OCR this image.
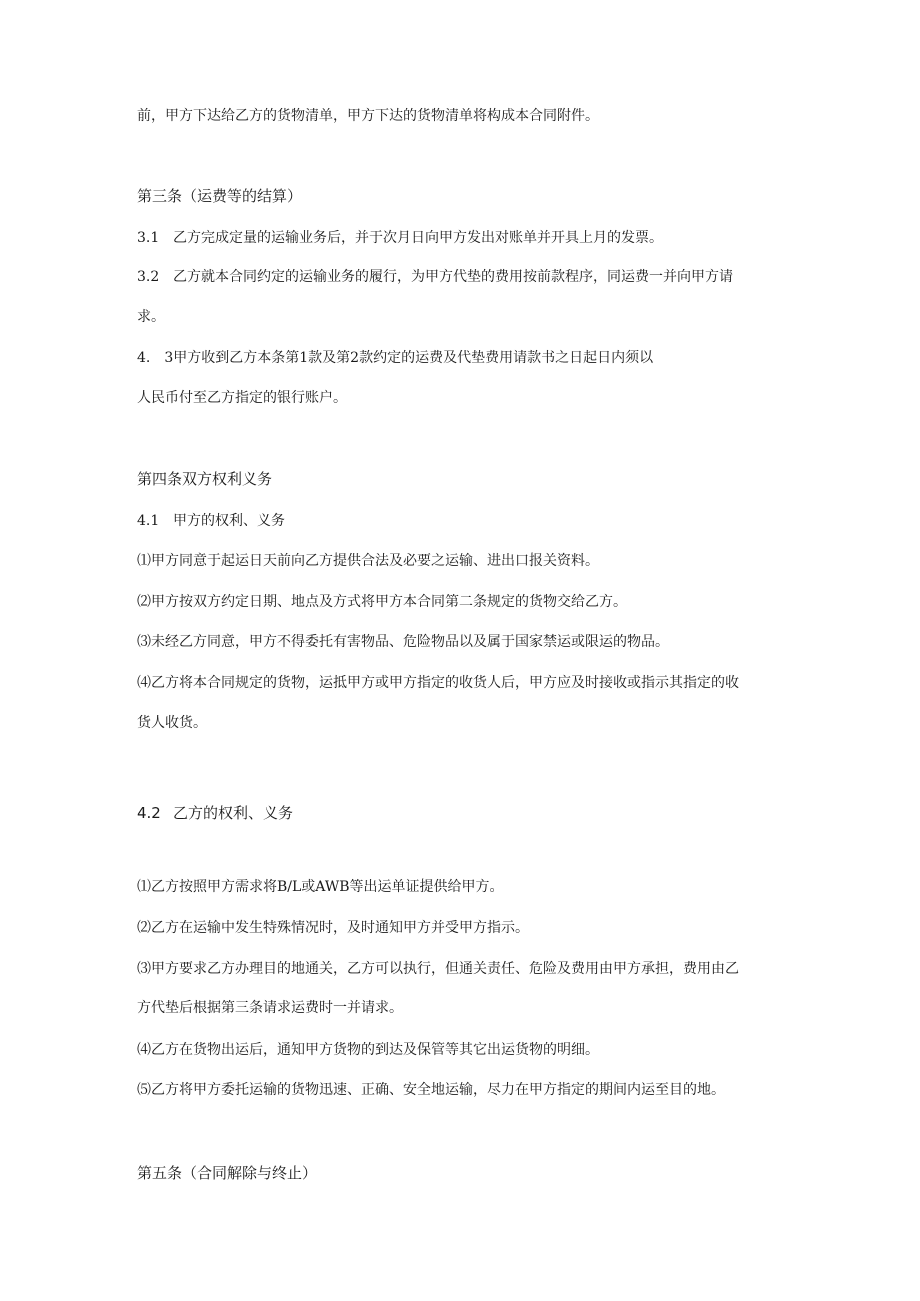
前，甲方下达给乙方的货物清单，甲方下达的货物清单将构成本合同附件。

第三条（运费等的结算）

3.1 乙方完成定量的运输业务后，并于次月日向甲方发出对账单并开具上月的发票。

3.2 乙方就本合同约定的运输业务的履行，为甲方代垫的费用按前款程序，同运费一并向甲方请

求。

4.　3甲方收到乙方本条第1款及第2款约定的运费及代垫费用请款书之日起日内须以

人民币付至乙方指定的银行账户。

第四条双方权利义务

4.1 甲方的权利、义务

⑴甲方同意于起运日天前向乙方提供合法及必要之运输、进出口报关资料。

⑵甲方按双方约定日期、地点及方式将甲方本合同第二条规定的货物交给乙方。

⑶未经乙方同意，甲方不得委托有害物品、危险物品以及属于国家禁运或限运的物品。

⑷乙方将本合同规定的货物，运抵甲方或甲方指定的收货人后，甲方应及时接收或指示其指定的收

货人收货。

4.2 乙方的权利、义务

⑴乙方按照甲方需求将B/L或AWB等出运单证提供给甲方。

⑵乙方在运输中发生特殊情况时，及时通知甲方并受甲方指示。

⑶甲方要求乙方办理目的地通关，乙方可以执行，但通关责任、危险及费用由甲方承担，费用由乙

方代垫后根据第三条请求运费时一并请求。

⑷乙方在货物出运后，通知甲方货物的到达及保管等其它出运货物的明细。

⑸乙方将甲方委托运输的货物迅速、正确、安全地运输，尽力在甲方指定的期间内运至目的地。

第五条（合同解除与终止）
